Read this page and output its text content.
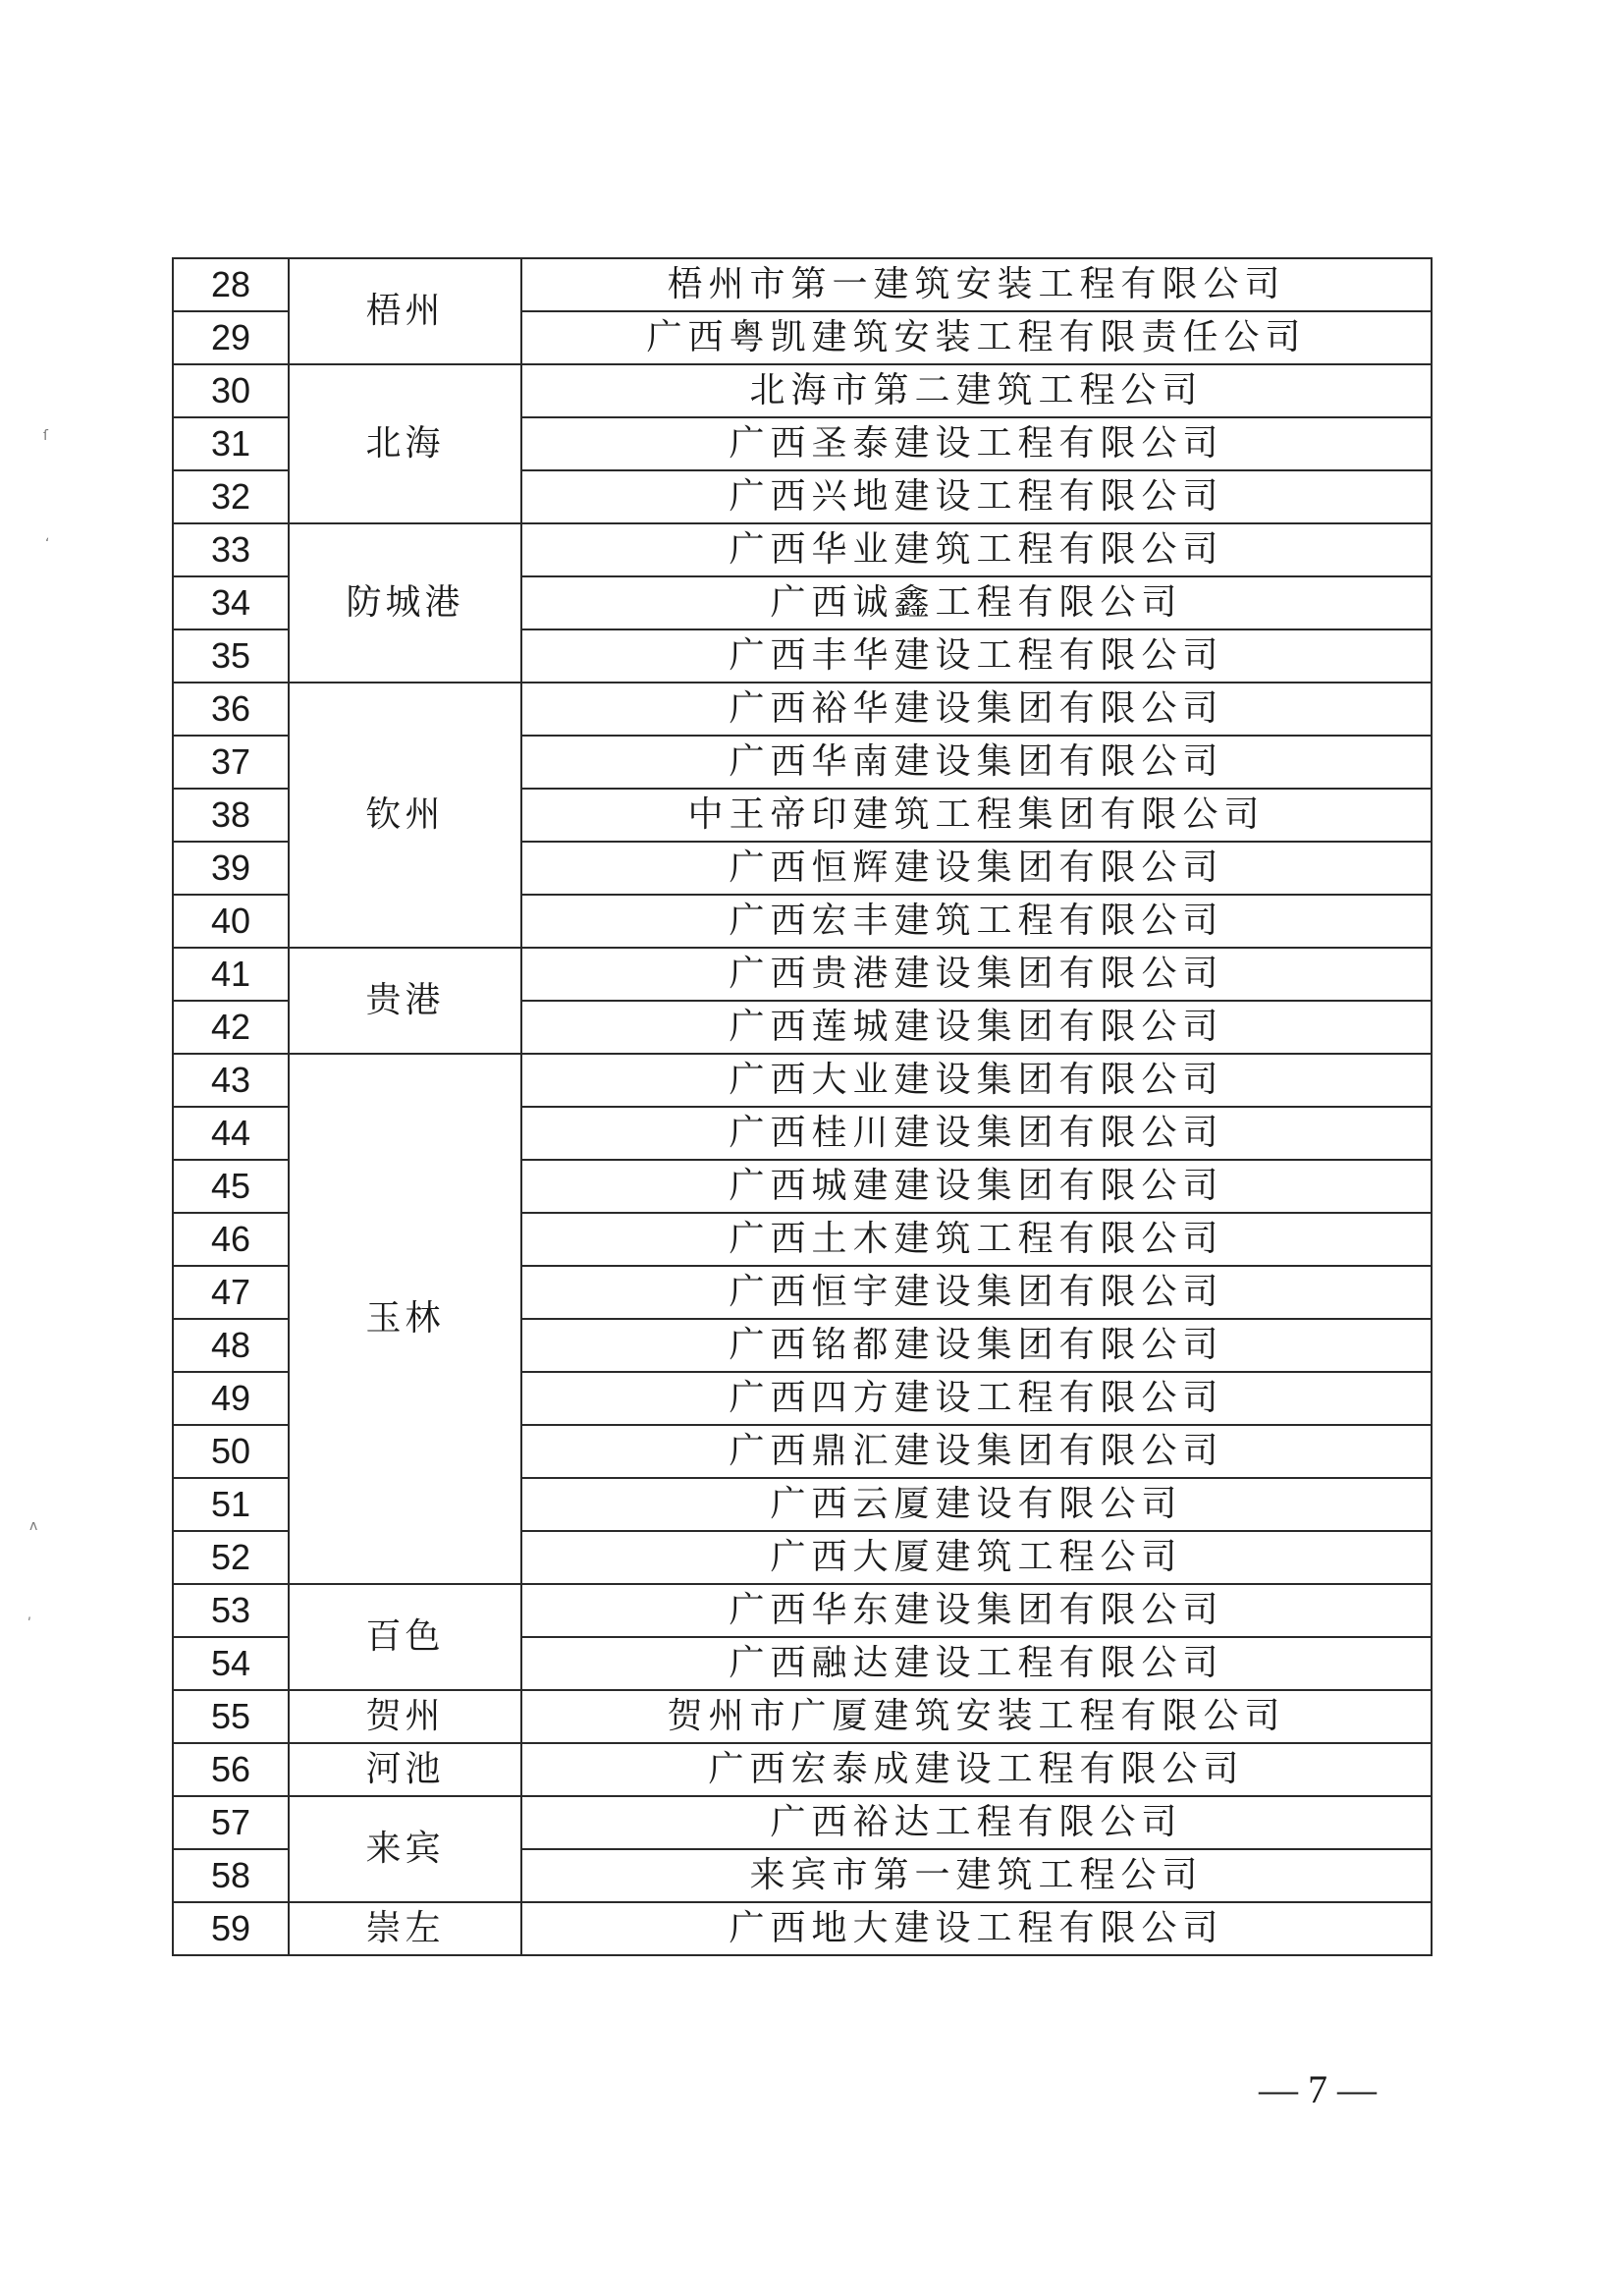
28	梧州	梧州市第一建筑安装工程有限公司
29		广西粤凯建筑安装工程有限责任公司
30	北海	北海市第二建筑工程公司
31		广西圣泰建设工程有限公司
32		广西兴地建设工程有限公司
33	防城港	广西华业建筑工程有限公司
34		广西诚鑫工程有限公司
35		广西丰华建设工程有限公司
36	钦州	广西裕华建设集团有限公司
37		广西华南建设集团有限公司
38		中王帝印建筑工程集团有限公司
39		广西恒辉建设集团有限公司
40		广西宏丰建筑工程有限公司
41	贵港	广西贵港建设集团有限公司
42		广西莲城建设集团有限公司
43	玉林	广西大业建设集团有限公司
44		广西桂川建设集团有限公司
45		广西城建建设集团有限公司
46		广西土木建筑工程有限公司
47		广西恒宇建设集团有限公司
48		广西铭都建设集团有限公司
49		广西四方建设工程有限公司
50		广西鼎汇建设集团有限公司
51		广西云厦建设有限公司
52		广西大厦建筑工程公司
53	百色	广西华东建设集团有限公司
54		广西融达建设工程有限公司
55	贺州	贺州市广厦建筑安装工程有限公司
56	河池	广西宏泰成建设工程有限公司
57	来宾	广西裕达工程有限公司
58		来宾市第一建筑工程公司
59	崇左	广西地大建设工程有限公司
— 7 —
ſ
ʻ
ᴧ
ʹ
